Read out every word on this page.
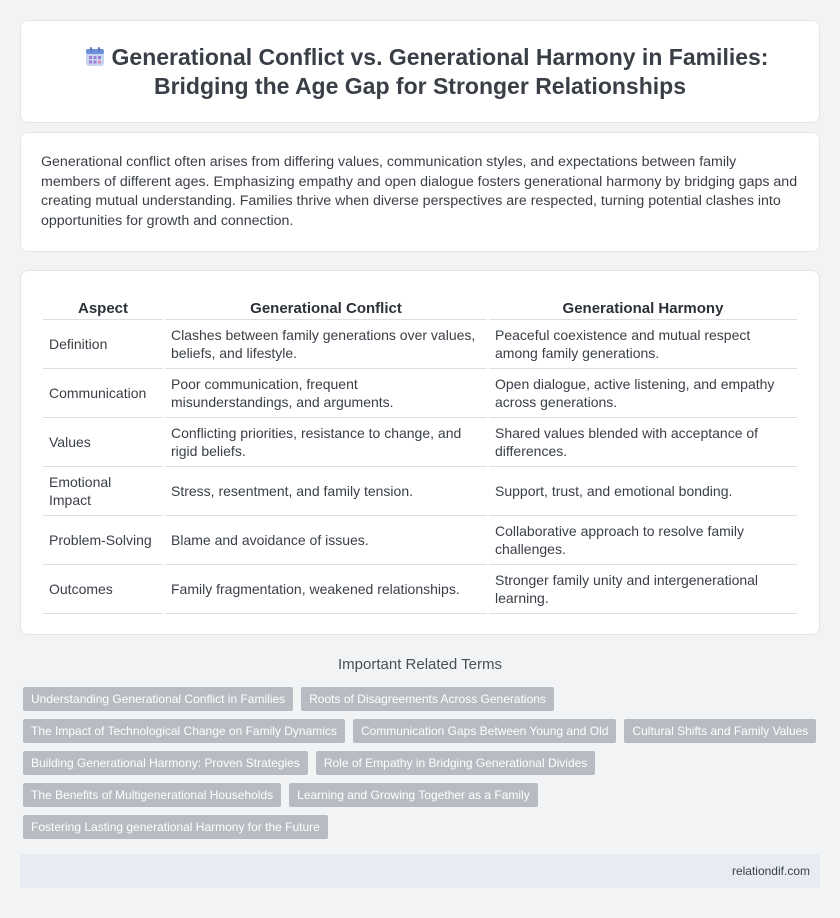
Generational Conflict vs. Generational Harmony in Families:
Bridging the Age Gap for Stronger Relationships

Generational conflict often arises from differing values, communication styles, and expectations between family members of different ages. Emphasizing empathy and open dialogue fosters generational harmony by bridging gaps and creating mutual understanding. Families thrive when diverse perspectives are respected, turning potential clashes into opportunities for growth and connection.

Aspect	Generational Conflict	Generational Harmony
Definition	Clashes between family generations over values, beliefs, and lifestyle.	Peaceful coexistence and mutual respect among family generations.
Communication	Poor communication, frequent misunderstandings, and arguments.	Open dialogue, active listening, and empathy across generations.
Values	Conflicting priorities, resistance to change, and rigid beliefs.	Shared values blended with acceptance of differences.
Emotional Impact	Stress, resentment, and family tension.	Support, trust, and emotional bonding.
Problem-Solving	Blame and avoidance of issues.	Collaborative approach to resolve family challenges.
Outcomes	Family fragmentation, weakened relationships.	Stronger family unity and intergenerational learning.
Important Related Terms
Understanding Generational Conflict in Families	Roots of Disagreements Across Generations
The Impact of Technological Change on Family Dynamics	Communication Gaps Between Young and Old	Cultural Shifts and Family Values
Building Generational Harmony: Proven Strategies	Role of Empathy in Bridging Generational Divides
The Benefits of Multigenerational Households	Learning and Growing Together as a Family
Fostering Lasting generational Harmony for the Future
relationdif.com
